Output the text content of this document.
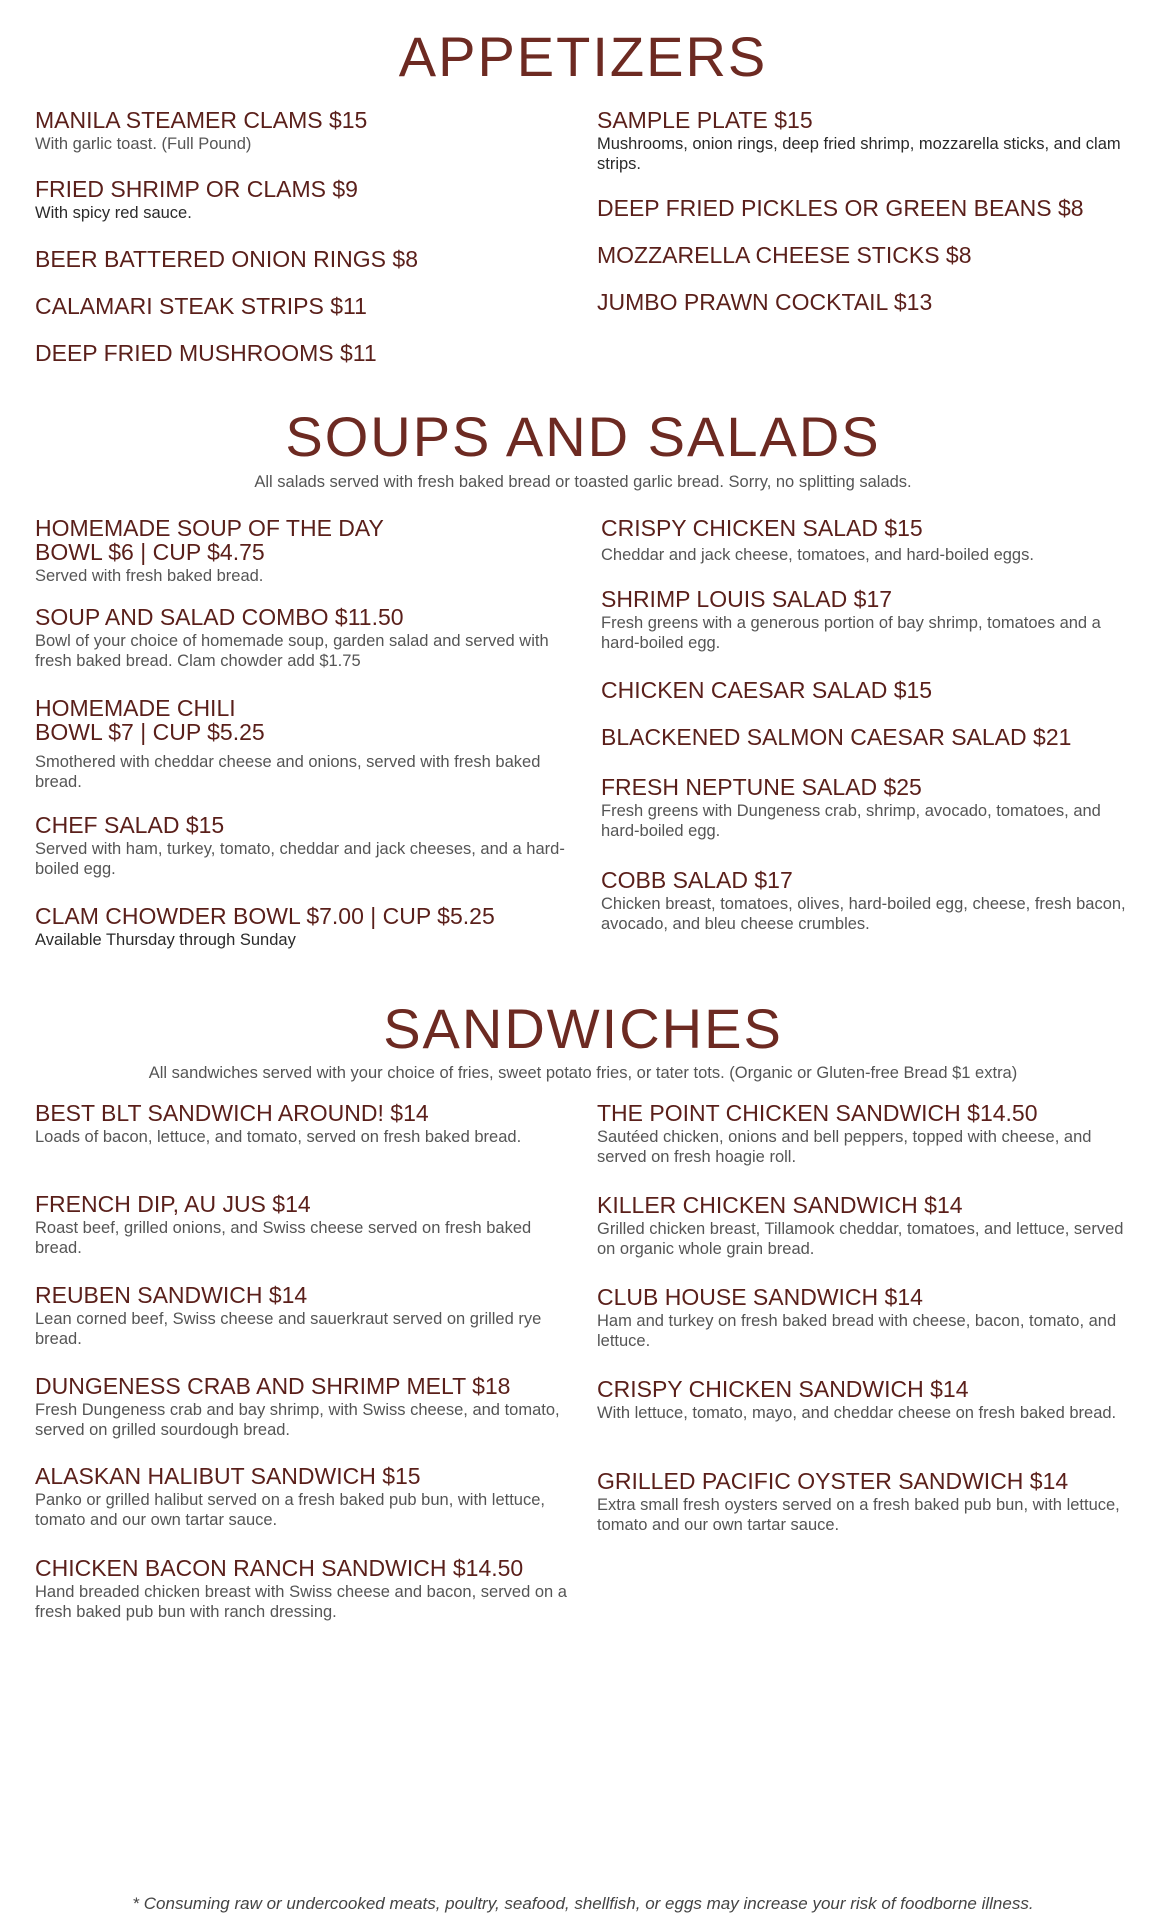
APPETIZERS

MANILA STEAMER CLAMS $15

With garlic toast. (Full Pound)

FRIED SHRIMP OR CLAMS $9

With spicy red sauce.

BEER BATTERED ONION RINGS $8

CALAMARI STEAK STRIPS $11

DEEP FRIED MUSHROOMS $11

SAMPLE PLATE $15

Mushrooms, onion rings, deep fried shrimp, mozzarella sticks, and clam strips.

DEEP FRIED PICKLES OR GREEN BEANS $8

MOZZARELLA CHEESE STICKS $8

JUMBO PRAWN COCKTAIL $13

SOUPS AND SALADS

All salads served with fresh baked bread or toasted garlic bread. Sorry, no splitting salads.

HOMEMADE SOUP OF THE DAY

BOWL $6 | CUP $4.75

Served with fresh baked bread.

SOUP AND SALAD COMBO $11.50

Bowl of your choice of homemade soup, garden salad and served with fresh baked bread. Clam chowder add $1.75

HOMEMADE CHILI

BOWL $7 | CUP $5.25

Smothered with cheddar cheese and onions, served with fresh baked bread.

CHEF SALAD $15

Served with ham, turkey, tomato, cheddar and jack cheeses, and a hard-boiled egg.

CLAM CHOWDER BOWL $7.00 | CUP $5.25

Available Thursday through Sunday

CRISPY CHICKEN SALAD $15

Cheddar and jack cheese, tomatoes, and hard-boiled eggs.

SHRIMP LOUIS SALAD $17

Fresh greens with a generous portion of bay shrimp, tomatoes and a hard-boiled egg.

CHICKEN CAESAR SALAD $15

BLACKENED SALMON CAESAR SALAD $21

FRESH NEPTUNE SALAD $25

Fresh greens with Dungeness crab, shrimp, avocado, tomatoes, and hard-boiled egg.

COBB SALAD $17

Chicken breast, tomatoes, olives, hard-boiled egg, cheese, fresh bacon, avocado, and bleu cheese crumbles.

SANDWICHES

All sandwiches served with your choice of fries, sweet potato fries, or tater tots. (Organic or Gluten-free Bread $1 extra)

BEST BLT SANDWICH AROUND! $14

Loads of bacon, lettuce, and tomato, served on fresh baked bread.

FRENCH DIP, AU JUS $14

Roast beef, grilled onions, and Swiss cheese served on fresh baked bread.

REUBEN SANDWICH $14

Lean corned beef, Swiss cheese and sauerkraut served on grilled rye bread.

DUNGENESS CRAB AND SHRIMP MELT $18

Fresh Dungeness crab and bay shrimp, with Swiss cheese, and tomato, served on grilled sourdough bread.

ALASKAN HALIBUT SANDWICH $15

Panko or grilled halibut served on a fresh baked pub bun, with lettuce, tomato and our own tartar sauce.

CHICKEN BACON RANCH SANDWICH $14.50

Hand breaded chicken breast with Swiss cheese and bacon, served on a fresh baked pub bun with ranch dressing.

THE POINT CHICKEN SANDWICH $14.50

Sautéed chicken, onions and bell peppers, topped with cheese, and served on fresh hoagie roll.

KILLER CHICKEN SANDWICH $14

Grilled chicken breast, Tillamook cheddar, tomatoes, and lettuce, served on organic whole grain bread.

CLUB HOUSE SANDWICH $14

Ham and turkey on fresh baked bread with cheese, bacon, tomato, and lettuce.

CRISPY CHICKEN SANDWICH $14

With lettuce, tomato, mayo, and cheddar cheese on fresh baked bread.

GRILLED PACIFIC OYSTER SANDWICH $14

Extra small fresh oysters served on a fresh baked pub bun, with lettuce, tomato and our own tartar sauce.

* Consuming raw or undercooked meats, poultry, seafood, shellfish, or eggs may increase your risk of foodborne illness.
